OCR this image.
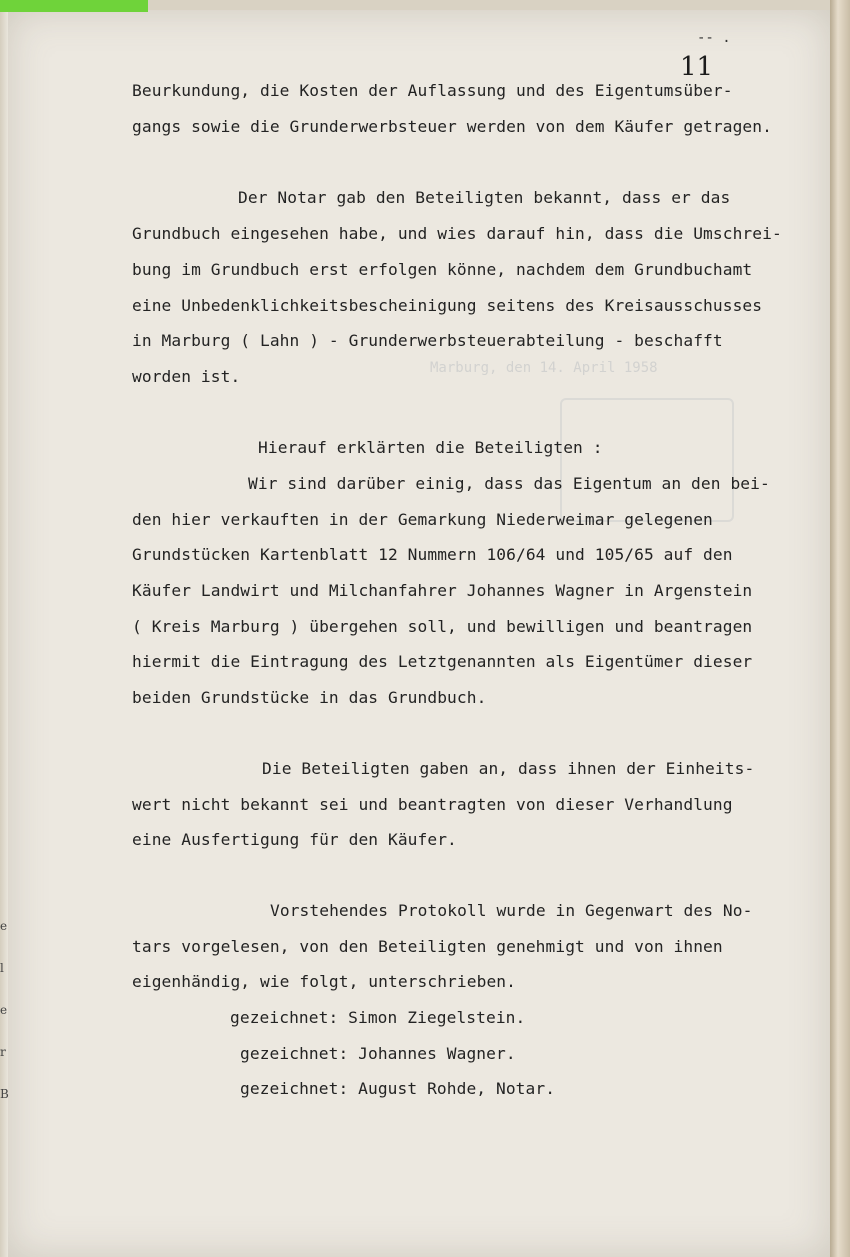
Marburg, den 14. April 1958
-- .
11
Beurkundung, die Kosten der Auflassung und des Eigentumsüber-
gangs sowie die Grunderwerbsteuer werden von dem Käufer getragen.
Der Notar gab den Beteiligten bekannt, dass er das
Grundbuch eingesehen habe, und wies darauf hin, dass die Umschrei-
bung im Grundbuch erst erfolgen könne, nachdem dem Grundbuchamt
eine Unbedenklichkeitsbescheinigung seitens des Kreisausschusses
in Marburg ( Lahn ) - Grunderwerbsteuerabteilung - beschafft
worden ist.
Hierauf erklärten die Beteiligten :
Wir sind darüber einig, dass das Eigentum an den bei-
den hier verkauften in der Gemarkung Niederweimar gelegenen
Grundstücken Kartenblatt 12 Nummern 106/64 und 105/65 auf den
Käufer Landwirt und Milchanfahrer Johannes Wagner in Argenstein
( Kreis Marburg ) übergehen soll, und bewilligen und beantragen
hiermit die Eintragung des Letztgenannten als Eigentümer dieser
beiden Grundstücke in das Grundbuch.
Die Beteiligten gaben an, dass ihnen der Einheits-
wert nicht bekannt sei und beantragten von dieser Verhandlung
eine Ausfertigung für den Käufer.
Vorstehendes Protokoll wurde in Gegenwart des No-
tars vorgelesen, von den Beteiligten genehmigt und von ihnen
eigenhändig, wie folgt, unterschrieben.
gezeichnet: Simon Ziegelstein.
gezeichnet: Johannes Wagner.
gezeichnet: August Rohde, Notar.
e
l
e
r
B
